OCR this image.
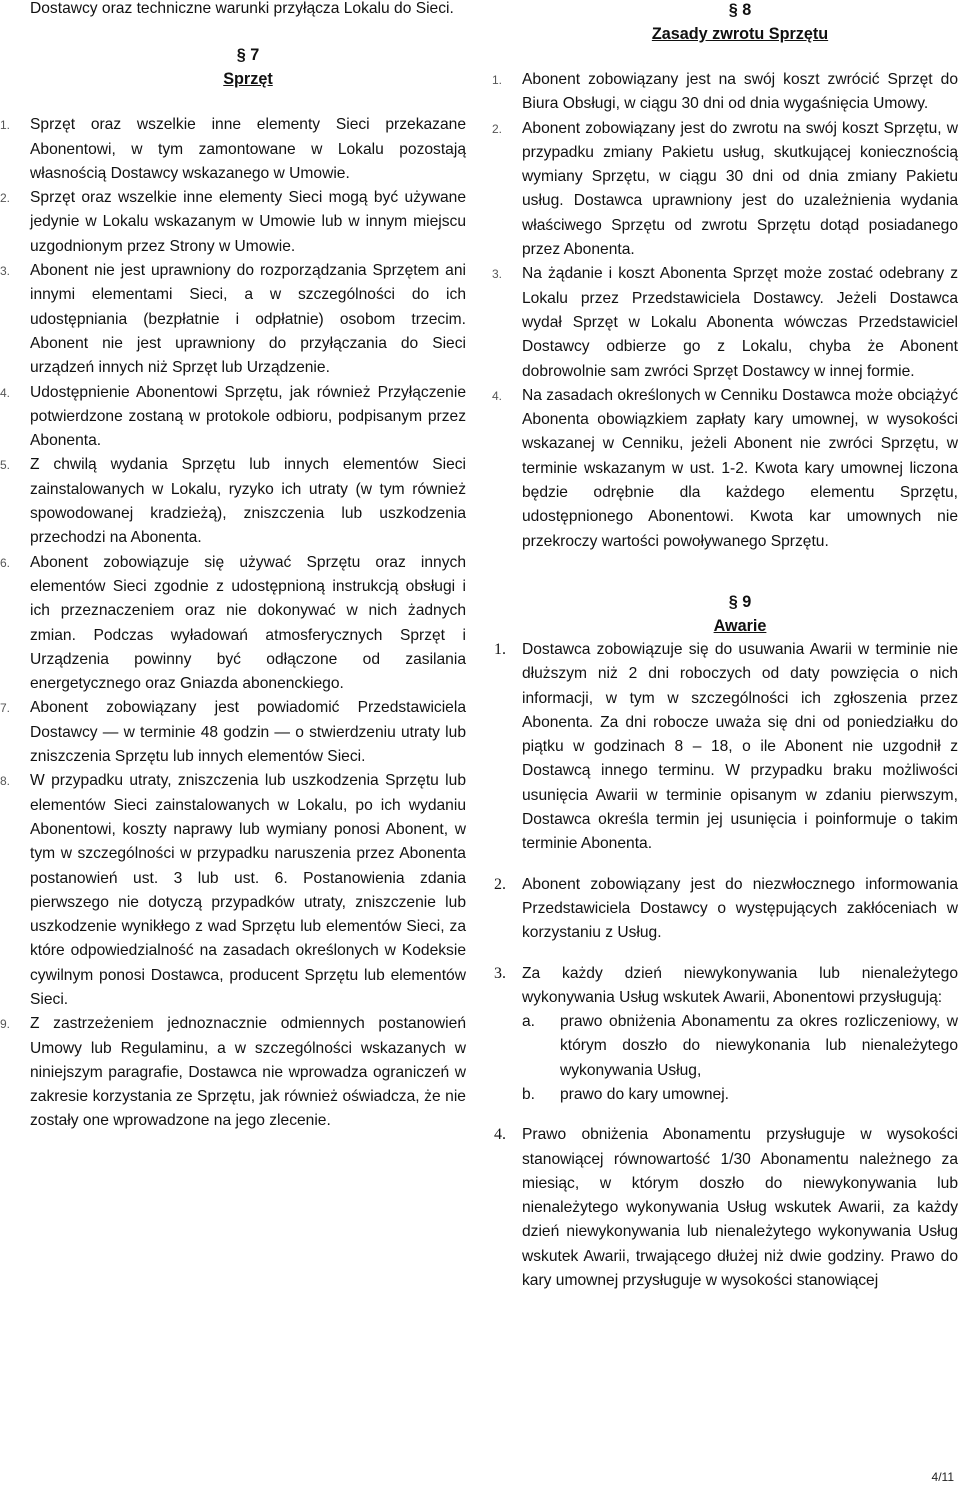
Dostawcy oraz techniczne warunki przyłącza Lokalu do Sieci.

§ 7

Sprzęt

1. Sprzęt oraz wszelkie inne elementy Sieci przekazane Abonentowi, w tym zamontowane w Lokalu pozostają własnością Dostawcy wskazanego w Umowie.
2. Sprzęt oraz wszelkie inne elementy Sieci mogą być używane jedynie w Lokalu wskazanym w Umowie lub w innym miejscu uzgodnionym przez Strony w Umowie.
3. Abonent nie jest uprawniony do rozporządzania Sprzętem ani innymi elementami Sieci, a w szczególności do ich udostępniania (bezpłatnie i odpłatnie) osobom trzecim. Abonent nie jest uprawniony do przyłączania do Sieci urządzeń innych niż Sprzęt lub Urządzenie.
4. Udostępnienie Abonentowi Sprzętu, jak również Przyłączenie potwierdzone zostaną w protokole odbioru, podpisanym przez Abonenta.
5. Z chwilą wydania Sprzętu lub innych elementów Sieci zainstalowanych w Lokalu, ryzyko ich utraty (w tym również spowodowanej kradzieżą), zniszczenia lub uszkodzenia przechodzi na Abonenta.
6. Abonent zobowiązuje się używać Sprzętu oraz innych elementów Sieci zgodnie z udostępnioną instrukcją obsługi i ich przeznaczeniem oraz nie dokonywać w nich żadnych zmian. Podczas wyładowań atmosferycznych Sprzęt i Urządzenia powinny być odłączone od zasilania energetycznego oraz Gniazda abonenckiego.
7. Abonent zobowiązany jest powiadomić Przedstawiciela Dostawcy — w terminie 48 godzin — o stwierdzeniu utraty lub zniszczenia Sprzętu lub innych elementów Sieci.
8. W przypadku utraty, zniszczenia lub uszkodzenia Sprzętu lub elementów Sieci zainstalowanych w Lokalu, po ich wydaniu Abonentowi, koszty naprawy lub wymiany ponosi Abonent, w tym w szczególności w przypadku naruszenia przez Abonenta postanowień ust. 3 lub ust. 6. Postanowienia zdania pierwszego nie dotyczą przypadków utraty, zniszczenie lub uszkodzenie wynikłego z wad Sprzętu lub elementów Sieci, za które odpowiedzialność na zasadach określonych w Kodeksie cywilnym ponosi Dostawca, producent Sprzętu lub elementów Sieci.
9. Z zastrzeżeniem jednoznacznie odmiennych postanowień Umowy lub Regulaminu, a w szczególności wskazanych w niniejszym paragrafie, Dostawca nie wprowadza ograniczeń w zakresie korzystania ze Sprzętu, jak również oświadcza, że nie zostały one wprowadzone na jego zlecenie.

§ 8

Zasady zwrotu Sprzętu

1. Abonent zobowiązany jest na swój koszt zwrócić Sprzęt do Biura Obsługi, w ciągu 30 dni od dnia wygaśnięcia Umowy.
2. Abonent zobowiązany jest do zwrotu na swój koszt Sprzętu, w przypadku zmiany Pakietu usług, skutkującej koniecznością wymiany Sprzętu, w ciągu 30 dni od dnia zmiany Pakietu usług. Dostawca uprawniony jest do uzależnienia wydania właściwego Sprzętu od zwrotu Sprzętu dotąd posiadanego przez Abonenta.
3. Na żądanie i koszt Abonenta Sprzęt może zostać odebrany z Lokalu przez Przedstawiciela Dostawcy. Jeżeli Dostawca wydał Sprzęt w Lokalu Abonenta wówczas Przedstawiciel Dostawcy odbierze go z Lokalu, chyba że Abonent dobrowolnie sam zwróci Sprzęt Dostawcy w innej formie.
4. Na zasadach określonych w Cenniku Dostawca może obciążyć Abonenta obowiązkiem zapłaty kary umownej, w wysokości wskazanej w Cenniku, jeżeli Abonent nie zwróci Sprzętu, w terminie wskazanym w ust. 1-2. Kwota kary umownej liczona będzie odrębnie dla każdego elementu Sprzętu, udostępnionego Abonentowi. Kwota kar umownych nie przekroczy wartości powoływanego Sprzętu.

§ 9

Awarie

1. Dostawca zobowiązuje się do usuwania Awarii w terminie nie dłuższym niż 2 dni roboczych od daty powzięcia o nich informacji, w tym w szczególności ich zgłoszenia przez Abonenta. Za dni robocze uważa się dni od poniedziałku do piątku w godzinach 8 – 18, o ile Abonent nie uzgodnił z Dostawcą innego terminu. W przypadku braku możliwości usunięcia Awarii w terminie opisanym w zdaniu pierwszym, Dostawca określa termin jej usunięcia i poinformuje o takim terminie Abonenta.
2. Abonent zobowiązany jest do niezwłocznego informowania Przedstawiciela Dostawcy o występujących zakłóceniach w korzystaniu z Usług.
3. Za każdy dzień niewykonywania lub nienależytego wykonywania Usług wskutek Awarii, Abonentowi przysługują:
a. prawo obniżenia Abonamentu za okres rozliczeniowy, w którym doszło do niewykonania lub nienależytego wykonywania Usług,
b. prawo do kary umownej.
4. Prawo obniżenia Abonamentu przysługuje w wysokości stanowiącej równowartość 1/30 Abonamentu należnego za miesiąc, w którym doszło do niewykonywania lub nienależytego wykonywania Usług wskutek Awarii, za każdy dzień niewykonywania lub nienależytego wykonywania Usług wskutek Awarii, trwającego dłużej niż dwie godziny. Prawo do kary umownej przysługuje w wysokości stanowiącej
4/11
